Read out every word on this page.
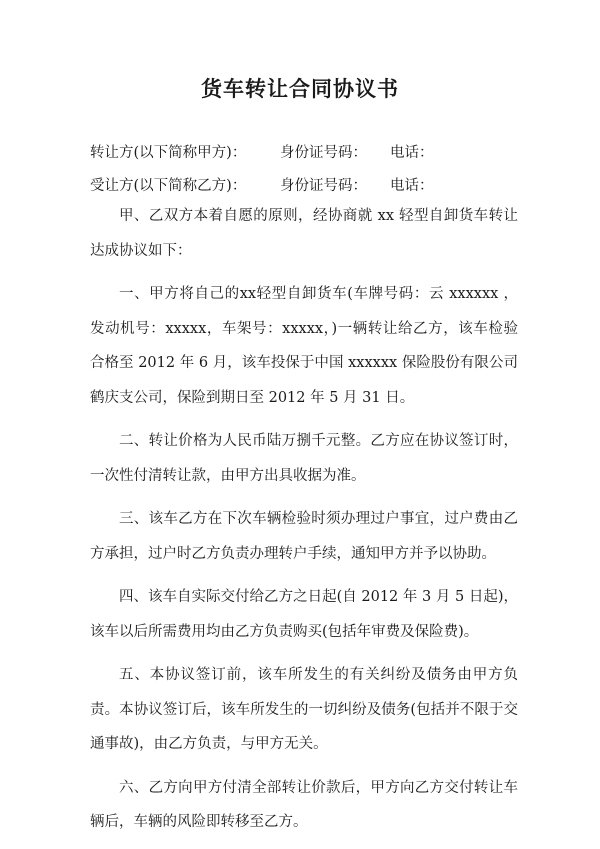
货车转让合同协议书
转让方(以下简称甲方)： 身份证号码： 电话：
受让方(以下简称乙方)： 身份证号码： 电话：

甲、乙双方本着自愿的原则，经协商就 xx 轻型自卸货车转让达成协议如下：

一、甲方将自己的xx轻型自卸货车(车牌号码：云 xxxxxx ，发动机号：xxxxx，车架号：xxxxx，)一辆转让给乙方，该车检验合格至 2012 年 6 月，该车投保于中国 xxxxxx 保险股份有限公司鹤庆支公司，保险到期日至 2012 年 5 月 31 日。

二、转让价格为人民币陆万捌千元整。乙方应在协议签订时，一次性付清转让款，由甲方出具收据为准。

三、该车乙方在下次车辆检验时须办理过户事宜，过户费由乙方承担，过户时乙方负责办理转户手续，通知甲方并予以协助。

四、该车自实际交付给乙方之日起(自 2012 年 3 月 5 日起)，该车以后所需费用均由乙方负责购买(包括年审费及保险费)。

五、本协议签订前，该车所发生的有关纠纷及债务由甲方负责。本协议签订后，该车所发生的一切纠纷及债务(包括并不限于交通事故)，由乙方负责，与甲方无关。

六、乙方向甲方付清全部转让价款后，甲方向乙方交付转让车辆后，车辆的风险即转移至乙方。
